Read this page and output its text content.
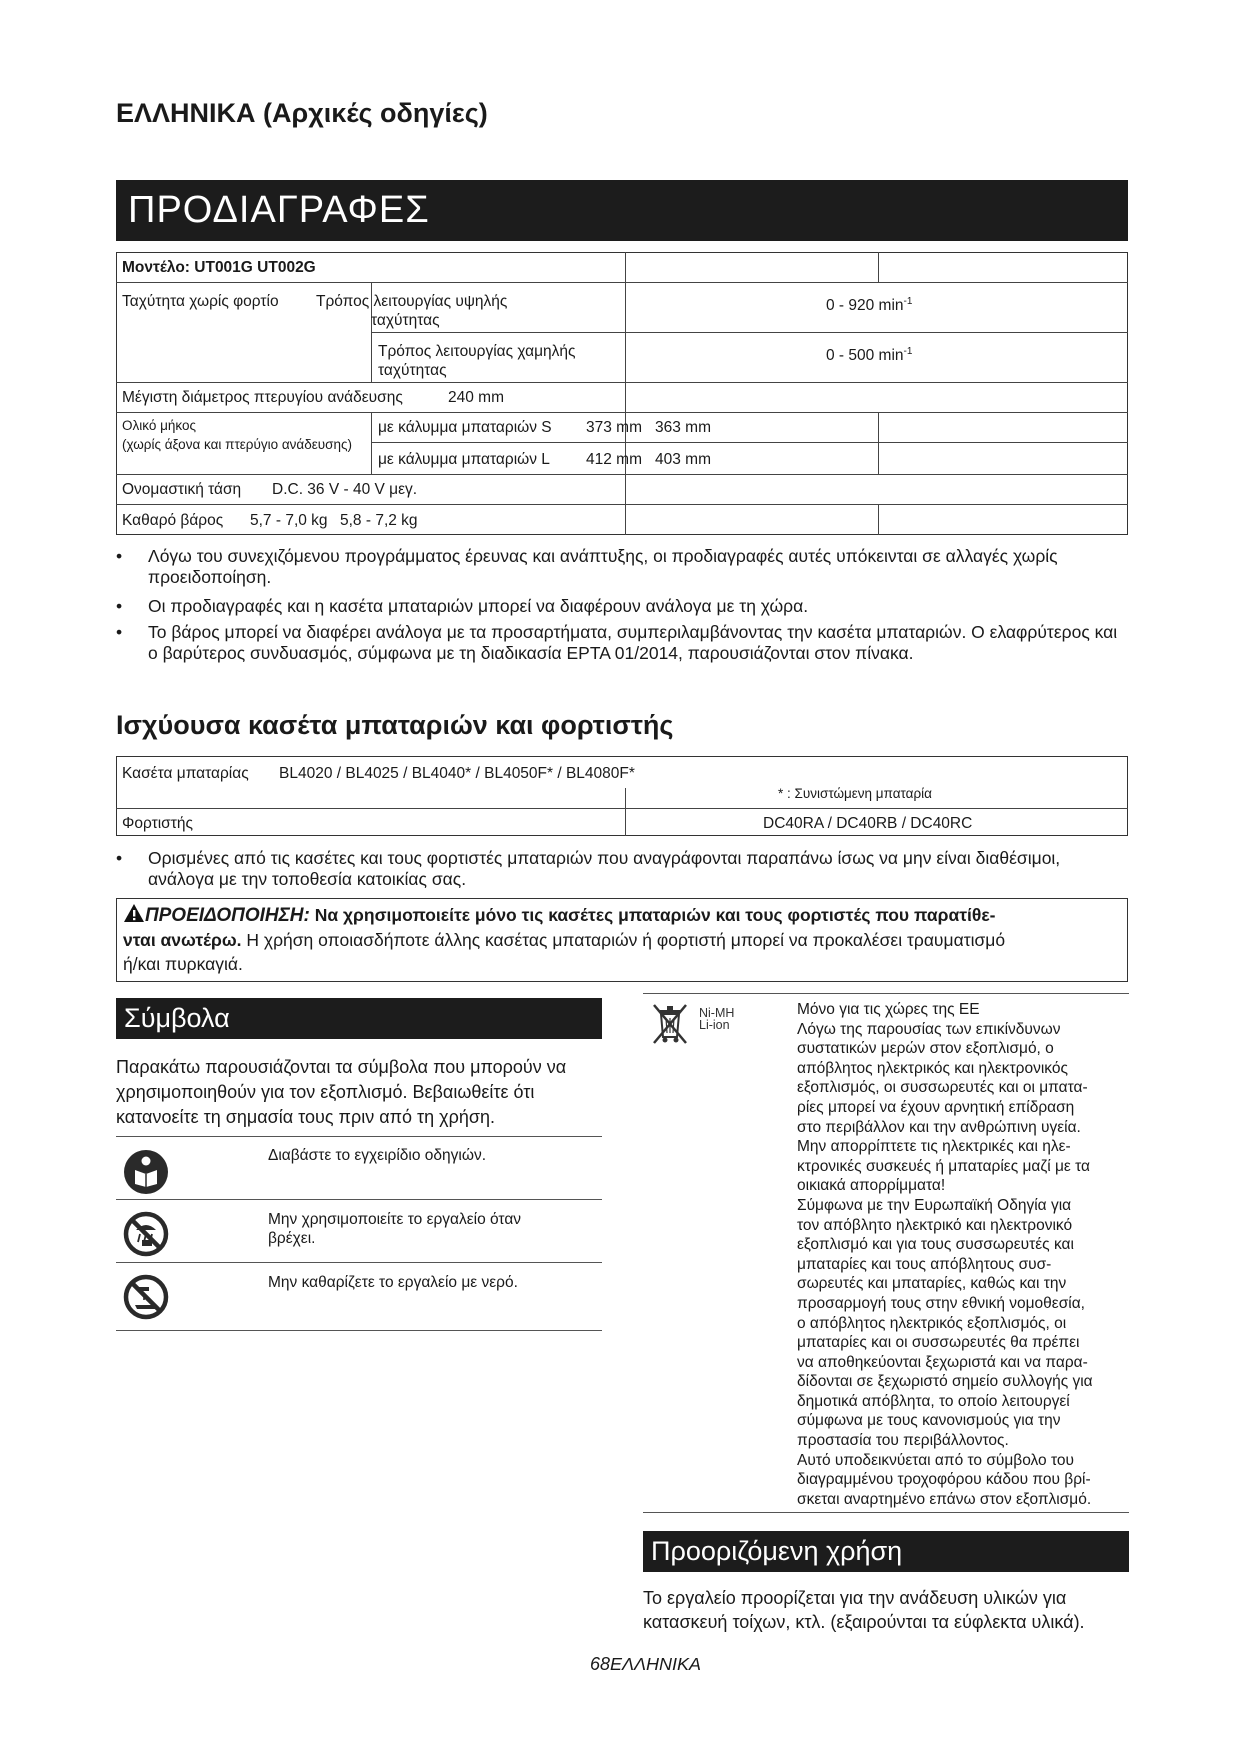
ΕΛΛΗΝΙΚΑ (Αρχικές οδηγίες)
ΠΡΟΔΙΑΓΡΑΦΕΣ
Μοντέλο: UT001G UT002G
Ταχύτητα χωρίς φορτίο Τρόπος λειτουργίας υψηλής
ταχύτητας
0 - 920 $\min^{-1}$
Τρόπος λειτουργίας χαμηλής
ταχύτητας
0 - 500 $\min^{-1}$
Μέγιστη διάμετρος πτερυγίου ανάδευσης	240 mm
Ολικό μήκος
(χωρίς άξονα και πτερύγιο ανάδευσης)
με κάλυμμα μπαταριών S 373 mm 363 mm
με κάλυμμα μπαταριών L 412 mm 403 mm
Ονομαστική τάση D.C. 36 V - 40 V μεγ.
Καθαρό βάρος 5,7 - 7,0 kg 5,8 - 7,2 kg
• Λόγω του συνεχιζόμενου προγράμματος έρευνας και ανάπτυξης, οι προδιαγραφές αυτές υπόκεινται σε αλλαγές χωρίς προειδοποίηση.
• Οι προδιαγραφές και η κασέτα μπαταριών μπορεί να διαφέρουν ανάλογα με τη χώρα.
• Το βάρος μπορεί να διαφέρει ανάλογα με τα προσαρτήματα, συμπεριλαμβάνοντας την κασέτα μπαταριών. Ο ελαφρύτερος και ο βαρύτερος συνδυασμός, σύμφωνα με τη διαδικασία EPTA 01/2014, παρουσιάζονται στον πίνακα.
Ισχύουσα κασέτα μπαταριών και φορτιστής
Κασέτα μπαταρίας BL4020 / BL4025 / BL4040* / BL4050F* / BL4080F*
* : Συνιστώμενη μπαταρία
Φορτιστής	DC40RA / DC40RB / DC40RC
• Ορισμένες από τις κασέτες και τους φορτιστές μπαταριών που αναγράφονται παραπάνω ίσως να μην είναι διαθέσιμοι, ανάλογα με την τοποθεσία κατοικίας σας.
ΠΡΟΕΙΔΟΠΟΙΗΣΗ: Να χρησιμοποιείτε μόνο τις κασέτες μπαταριών και τους φορτιστές που παρατίθε-
νται ανωτέρω. Η χρήση οποιασδήποτε άλλης κασέτας μπαταριών ή φορτιστή μπορεί να προκαλέσει τραυματισμό
ή/και πυρκαγιά.
Σύμβολα
Παρακάτω παρουσιάζονται τα σύμβολα που μπορούν να χρησιμοποιηθούν για τον εξοπλισμό. Βεβαιωθείτε ότι κατανοείτε τη σημασία τους πριν από τη χρήση.
Διαβάστε το εγχειρίδιο οδηγιών.
Μην χρησιμοποιείτε το εργαλείο όταν βρέχει.
Μην καθαρίζετε το εργαλείο με νερό.
Ni-MH
Li-ion
Μόνο για τις χώρες της ΕΕ
Λόγω της παρουσίας των επικίνδυνων
συστατικών μερών στον εξοπλισμό, ο
απόβλητος ηλεκτρικός και ηλεκτρονικός
εξοπλισμός, οι συσσωρευτές και οι μπατα-
ρίες μπορεί να έχουν αρνητική επίδραση
στο περιβάλλον και την ανθρώπινη υγεία.
Μην απορρίπτετε τις ηλεκτρικές και ηλε-
κτρονικές συσκευές ή μπαταρίες μαζί με τα
οικιακά απορρίμματα!
Σύμφωνα με την Ευρωπαϊκή Οδηγία για
τον απόβλητο ηλεκτρικό και ηλεκτρονικό
εξοπλισμό και για τους συσσωρευτές και
μπαταρίες και τους απόβλητους συσ-
σωρευτές και μπαταρίες, καθώς και την
προσαρμογή τους στην εθνική νομοθεσία,
ο απόβλητος ηλεκτρικός εξοπλισμός, οι
μπαταρίες και οι συσσωρευτές θα πρέπει
να αποθηκεύονται ξεχωριστά και να παρα-
δίδονται σε ξεχωριστό σημείο συλλογής για
δημοτικά απόβλητα, το οποίο λειτουργεί
σύμφωνα με τους κανονισμούς για την
προστασία του περιβάλλοντος.
Αυτό υποδεικνύεται από το σύμβολο του
διαγραμμένου τροχοφόρου κάδου που βρί-
σκεται αναρτημένο επάνω στον εξοπλισμό.
Προοριζόμενη χρήση
Το εργαλείο προορίζεται για την ανάδευση υλικών για κατασκευή τοίχων, κτλ. (εξαιρούνται τα εύφλεκτα υλικά).
68ΕΛΛΗΝΙΚΑ
